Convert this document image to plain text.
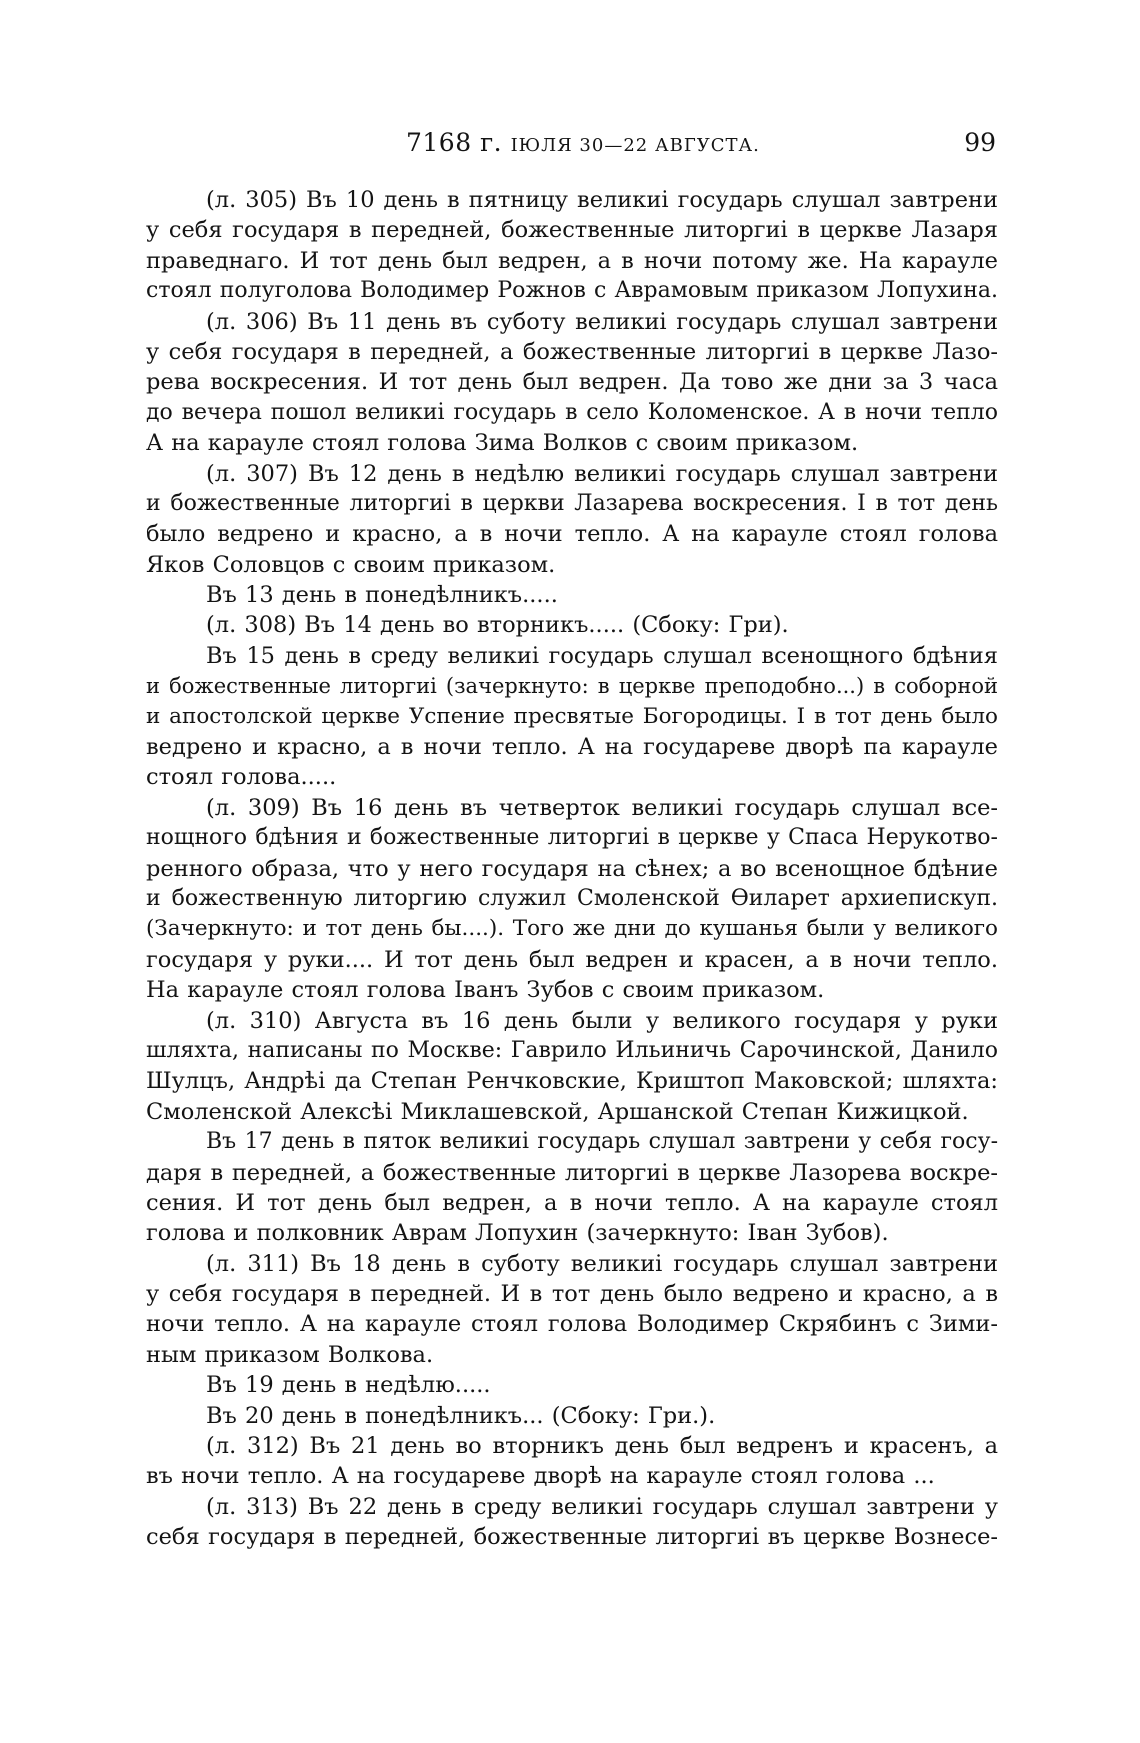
7168 г. ІЮЛЯ 30—22 АВГУСТА.	99
(л. 305) Въ 10 день в пятницу великиі государь слушал завтрени
у себя государя в передней, божественные литоргиі в церкве Лазаря
праведнаго. И тот день был ведрен, а в ночи потому же. На карауле
стоял полуголова Володимер Рожнов с Аврамовым приказом Лопухина.
(л. 306) Въ 11 день въ суботу великиі государь слушал завтрени
у себя государя в передней, а божественные литоргиі в церкве Лазо-
рева воскресения. И тот день был ведрен. Да тово же дни за 3 часа
до вечера пошол великиі государь в село Коломенское. А в ночи тепло
А на карауле стоял голова Зима Волков с своим приказом.
(л. 307) Въ 12 день в недѣлю великиі государь слушал завтрени
и божественные литоргиі в церкви Лазарева воскресения. І в тот день
было ведрено и красно, а в ночи тепло. А на карауле стоял голова
Яков Соловцов с своим приказом.
Въ 13 день в понедѣлникъ.....
(л. 308) Въ 14 день во вторникъ..... (Сбоку: Гри).
Въ 15 день в среду великиі государь слушал всенощного бдѣния
и божественные литоргиі (зачеркнуто: в церкве преподобно...) в соборной
и апостолской церкве Успение пресвятые Богородицы. І в тот день было
ведрено и красно, а в ночи тепло. А на государеве дворѣ па карауле
стоял голова.....
(л. 309) Въ 16 день въ четверток великиі государь слушал все-
нощного бдѣния и божественные литоргиі в церкве у Спаса Нерукотво-
ренного образа, что у него государя на сѣнех; а во всенощное бдѣние
и божественную литоргию служил Смоленской Ѳиларет архиепискуп.
(Зачеркнуто: и тот день бы....). Того же дни до кушанья были у великого
государя у руки.... И тот день был ведрен и красен, а в ночи тепло.
На карауле стоял голова Іванъ Зубов с своим приказом.
(л. 310) Августа въ 16 день были у великого государя у руки
шляхта, написаны по Москве: Гаврило Ильиничь Сарочинской, Данило
Шулцъ, Андрѣі да Степан Ренчковские, Криштоп Маковской; шляхта:
Смоленской Алексѣі Миклашевской, Аршанской Степан Кижицкой.
Въ 17 день в пяток великиі государь слушал завтрени у себя госу-
даря в передней, а божественные литоргиі в церкве Лазорева воскре-
сения. И тот день был ведрен, а в ночи тепло. А на карауле стоял
голова и полковник Аврам Лопухин (зачеркнуто: Іван Зубов).
(л. 311) Въ 18 день в суботу великиі государь слушал завтрени
у себя государя в передней. И в тот день было ведрено и красно, а в
ночи тепло. А на карауле стоял голова Володимер Скрябинъ с Зими-
ным приказом Волкова.
Въ 19 день в недѣлю.....
Въ 20 день в понедѣлникъ... (Сбоку: Гри.).
(л. 312) Въ 21 день во вторникъ день был ведренъ и красенъ, а
въ ночи тепло. А на государеве дворѣ на карауле стоял голова ...
(л. 313) Въ 22 день в среду великиі государь слушал завтрени у
себя государя в передней, божественные литоргиі въ церкве Вознесе-
